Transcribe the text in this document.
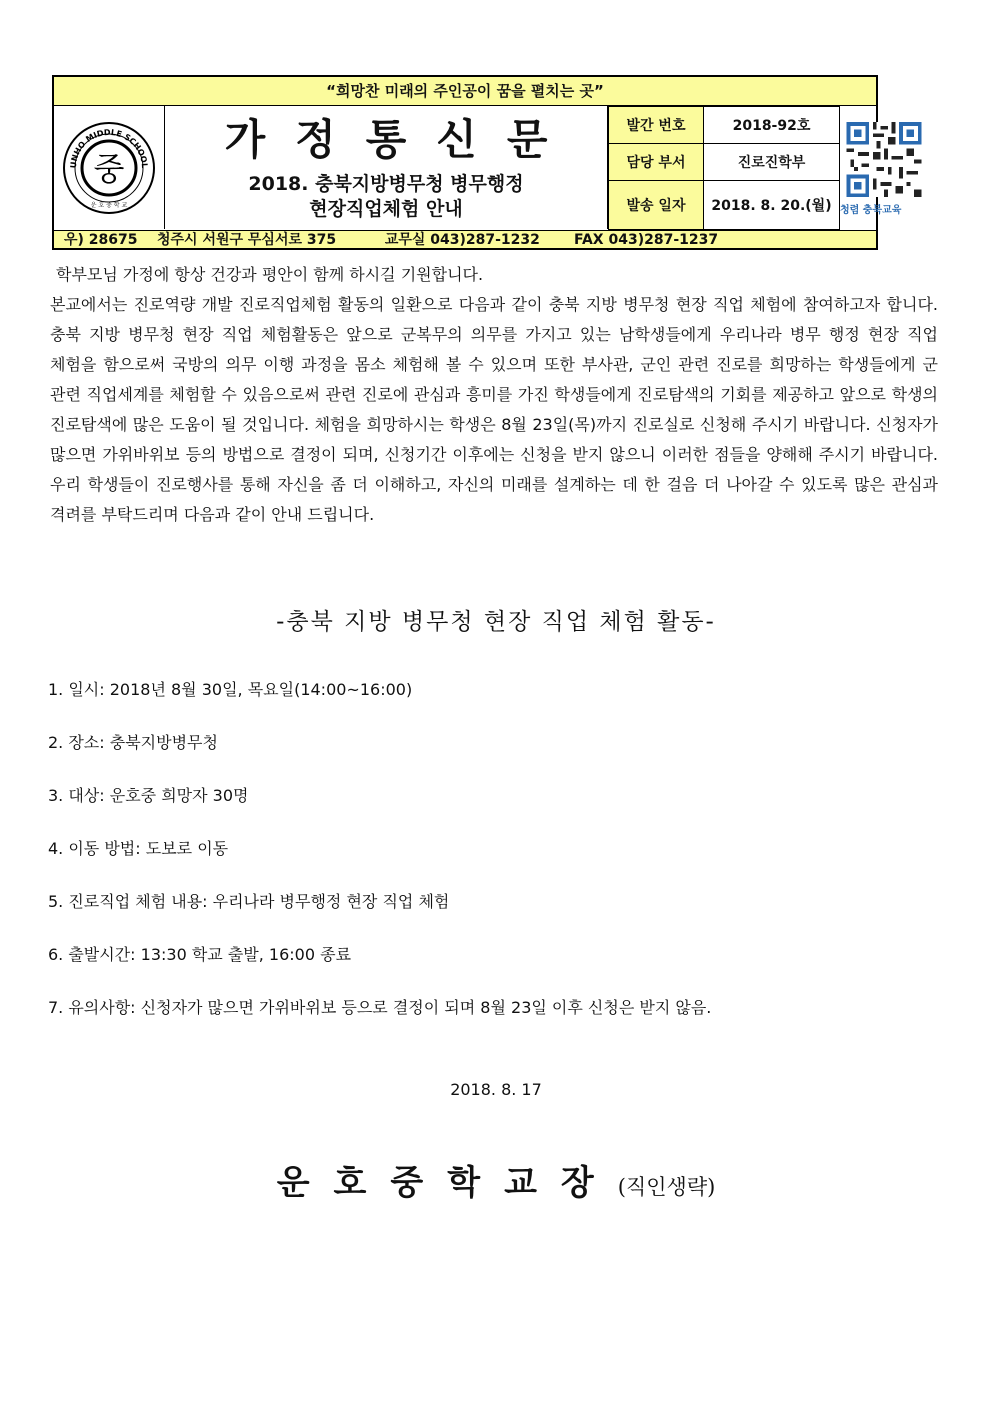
“희망찬 미래의 주인공이 꿈을 펼치는 곳”
UNHO MIDDLE SCHOOL
중
운 호 중 학 교
가정통신문
2018. 충북지방병무청 병무행정
현장직업체험 안내
발간 번호	2018-92호
담당 부서	진로진학부
발송 일자	2018. 8. 20.(월) 청렴 충북교육
우) 28675    청주시 서원구 무심서로 375          교무실 043)287-1232       FAX 043)287-1237

학부모님 가정에 항상 건강과 평안이 함께 하시길 기원합니다.

본교에서는 진로역량 개발 진로직업체험 활동의 일환으로 다음과 같이 충북 지방 병무청 현장 직업 체험에 참여하고자 합니다. 충북 지방 병무청 현장 직업 체험활동은 앞으로 군복무의 의무를 가지고 있는 남학생들에게 우리나라 병무 행정 현장 직업 체험을 함으로써 국방의 의무 이행 과정을 몸소 체험해 볼 수 있으며 또한 부사관, 군인 관련 진로를 희망하는 학생들에게 군 관련 직업세계를 체험할 수 있음으로써 관련 진로에 관심과 흥미를 가진 학생들에게 진로탐색의 기회를 제공하고 앞으로 학생의 진로탐색에 많은 도움이 될 것입니다. 체험을 희망하시는 학생은 8월 23일(목)까지 진로실로 신청해 주시기 바랍니다. 신청자가 많으면 가위바위보 등의 방법으로 결정이 되며, 신청기간 이후에는 신청을 받지 않으니 이러한 점들을 양해해 주시기 바랍니다. 우리 학생들이 진로행사를 통해 자신을 좀 더 이해하고, 자신의 미래를 설계하는 데 한 걸음 더 나아갈 수 있도록 많은 관심과 격려를 부탁드리며 다음과 같이 안내 드립니다.

-충북 지방 병무청 현장 직업 체험 활동-
1. 일시: 2018년 8월 30일, 목요일(14:00~16:00)
2. 장소: 충북지방병무청
3. 대상: 운호중 희망자 30명
4. 이동 방법: 도보로 이동
5. 진로직업 체험 내용: 우리나라 병무행정 현장 직업 체험
6. 출발시간: 13:30 학교 출발, 16:00 종료
7. 유의사항: 신청자가 많으면 가위바위보 등으로 결정이 되며 8월 23일 이후 신청은 받지 않음.
2018. 8. 17
운호중학교장(직인생략)
